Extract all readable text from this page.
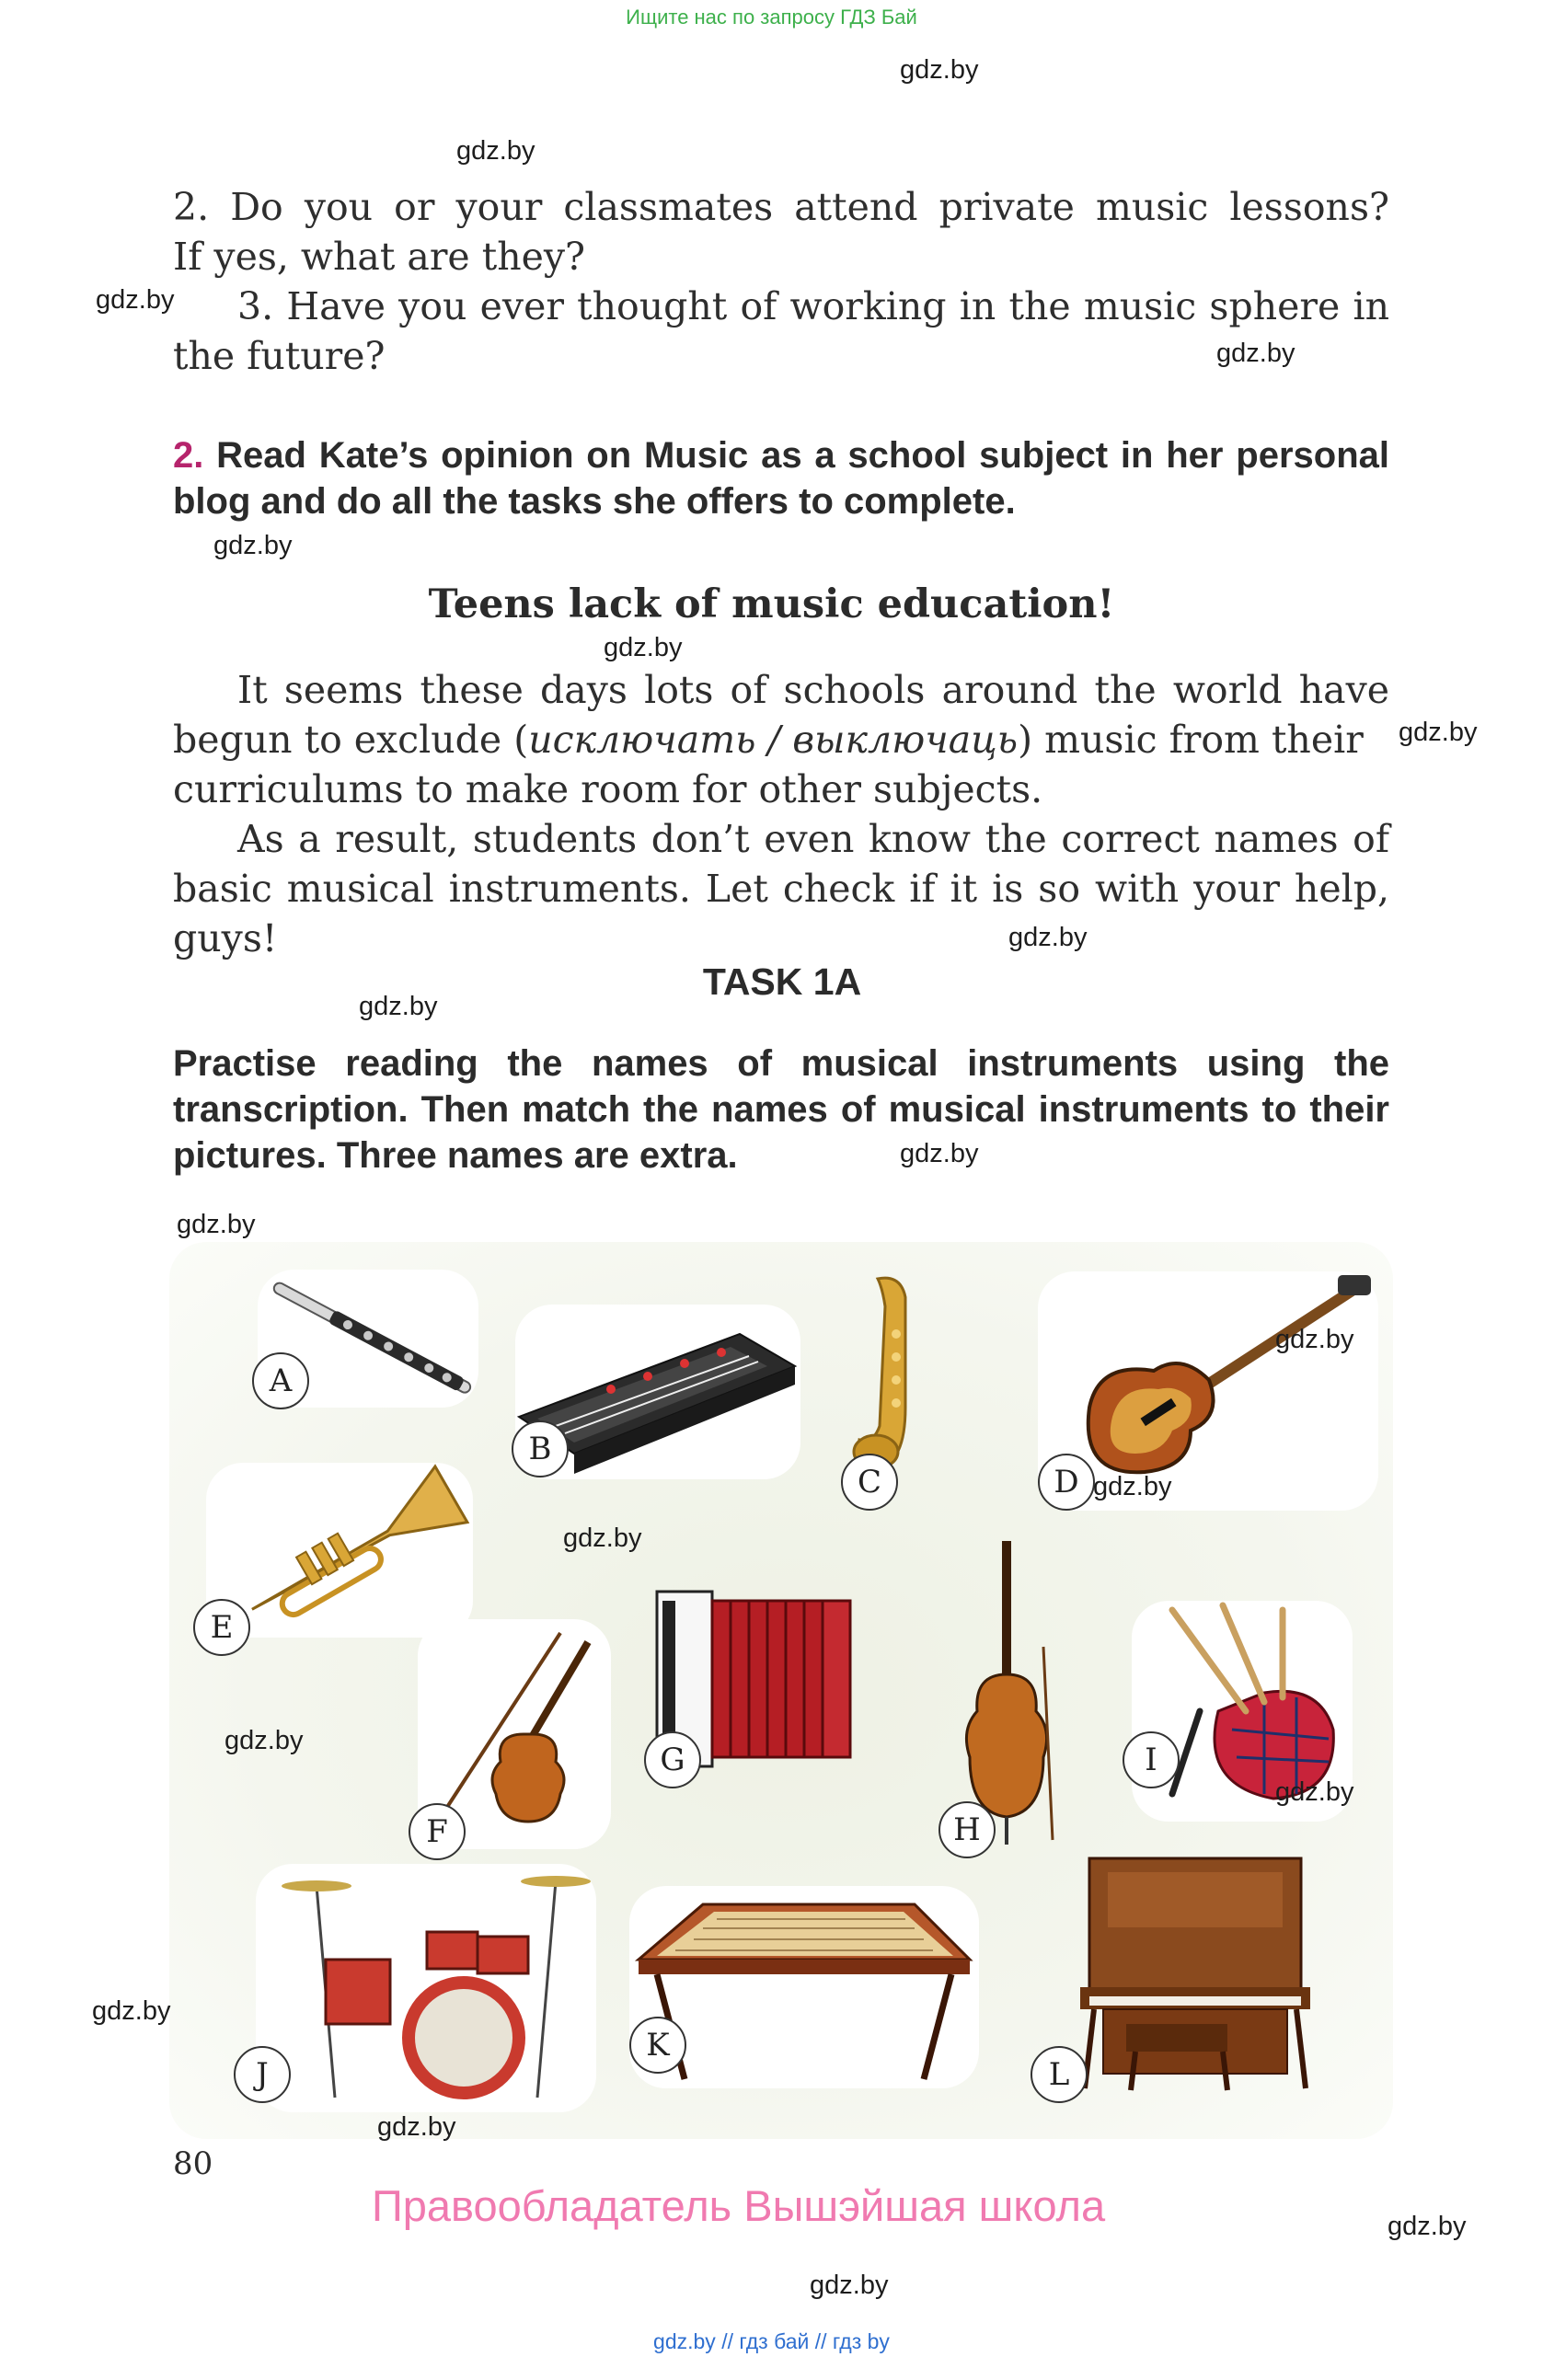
Ищите нас по запросу ГДЗ Бай
gdz.by
gdz.by
gdz.by
gdz.by
gdz.by
gdz.by
gdz.by
gdz.by
gdz.by
gdz.by
gdz.by
2. Do you or your classmates attend private music lessons?
If yes, what are they?
3. Have you ever thought of working in the music sphere in
the future?
2. Read Kate’s opinion on Music as a school subject in her personal
blog and do all the tasks she offers to complete.
Teens lack of music education!
It seems these days lots of schools around the world have
begun to exclude (исключать / выключаць) music from their
curriculums to make room for other subjects.
As a result, students don’t even know the correct names of
basic musical instruments. Let check if it is so with your help,
guys!
TASK 1A
Practise reading the names of musical instruments using the
transcription. Then match the names of musical instruments to their
pictures. Three names are extra.
A
B
C	D
E
F
G
H
I
J
K
L
gdz.by
gdz.by
gdz.by
gdz.by
gdz.by
gdz.by
gdz.by
80
Правообладатель Вышэйшая школа	gdz.by
gdz.by
gdz.by // гдз бай // гдз by
